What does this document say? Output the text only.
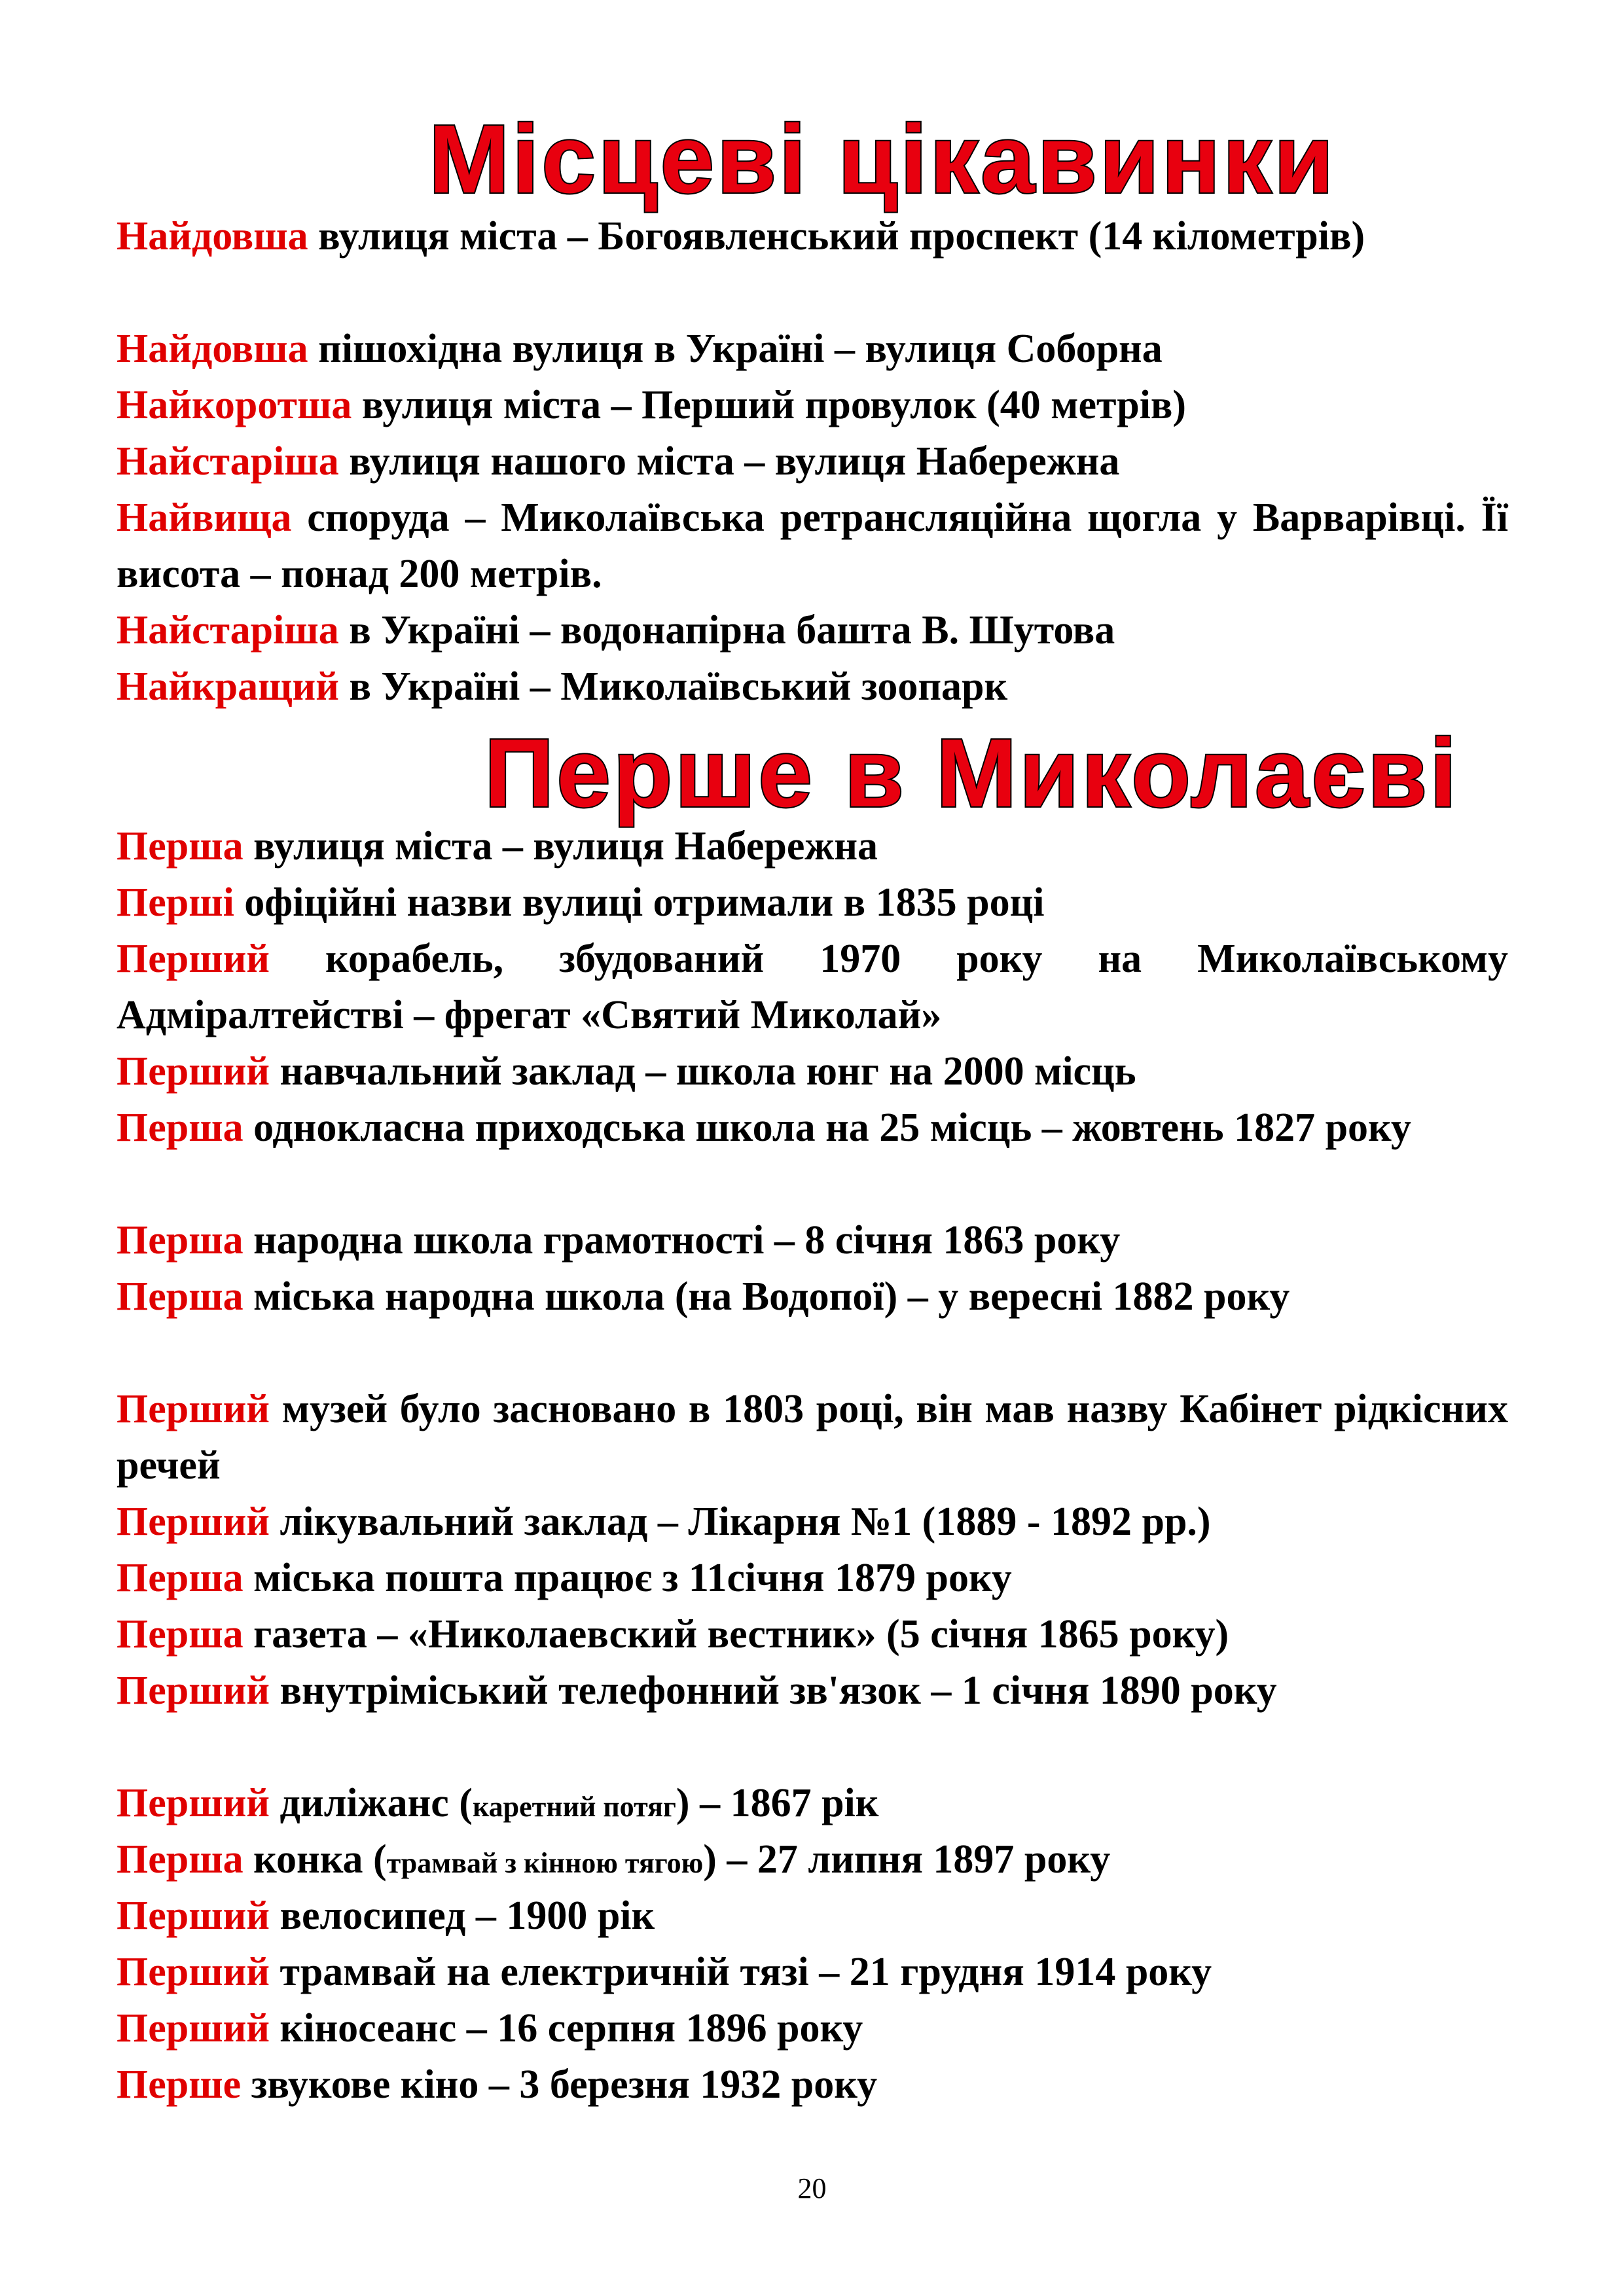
Місцеві цікавинки
Найдовша вулиця міста – Богоявленський проспект (14 кілометрів)
Найдовша пішохідна вулиця в Україні – вулиця Соборна
Найкоротша вулиця міста – Перший провулок (40 метрів)
Найстаріша вулиця нашого міста – вулиця Набережна
Найвища споруда – Миколаївська ретрансляційна щогла у Варварівці. Її висота – понад 200 метрів.
Найстаріша в Україні – водонапірна башта В. Шутова
Найкращий в Україні – Миколаївський зоопарк
Перше в Миколаєві
Перша вулиця міста – вулиця Набережна
Перші офіційні назви вулиці отримали в 1835 році
Перший корабель, збудований 1970 року на Миколаївському Адміралтействі – фрегат «Святий Миколай»
Перший навчальний заклад – школа юнг на 2000 місць
Перша однокласна приходська школа на 25 місць – жовтень 1827 року
Перша народна школа грамотності – 8 січня 1863 року
Перша міська народна школа (на Водопої) – у вересні 1882 року
Перший музей було засновано в 1803 році, він мав назву Кабінет рідкісних речей
Перший лікувальний заклад – Лікарня №1 (1889 - 1892 рр.)
Перша міська пошта працює з 11січня 1879 року
Перша газета – «Николаевский вестник» (5 січня 1865 року)
Перший внутріміський телефонний зв'язок – 1 січня 1890 року
Перший диліжанс (каретний потяг) – 1867 рік
Перша конка (трамвай з кінною тягою) – 27 липня 1897 року
Перший велосипед – 1900 рік
Перший трамвай на електричній тязі – 21 грудня 1914 року
Перший кіносеанс – 16 серпня 1896 року
Перше звукове кіно – 3 березня 1932 року
20
